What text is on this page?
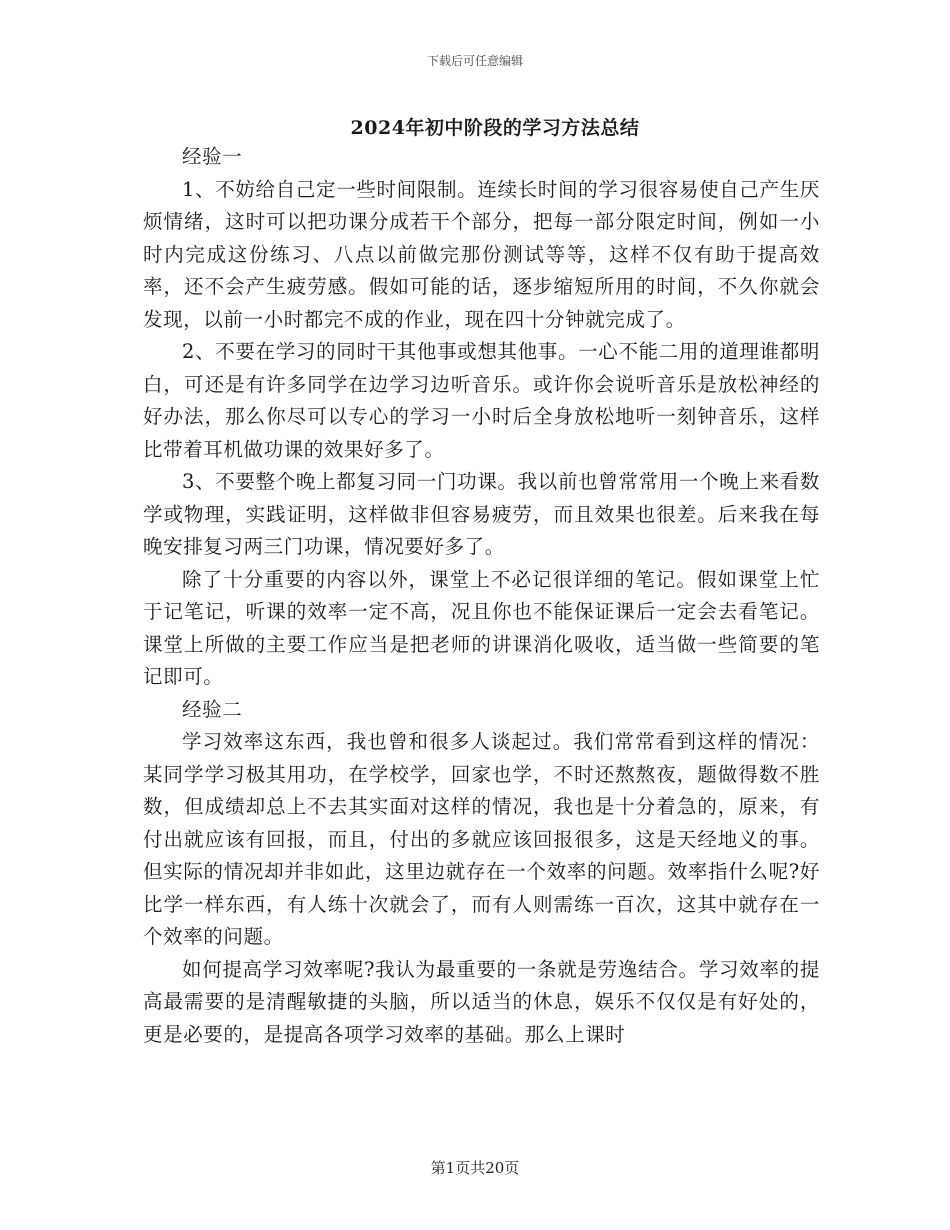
下载后可任意编辑
2024年初中阶段的学习方法总结

经验一

1、不妨给自己定一些时间限制。连续长时间的学习很容易使自己产生厌烦情绪，这时可以把功课分成若干个部分，把每一部分限定时间，例如一小时内完成这份练习、八点以前做完那份测试等等，这样不仅有助于提高效率，还不会产生疲劳感。假如可能的话，逐步缩短所用的时间，不久你就会发现，以前一小时都完不成的作业，现在四十分钟就完成了。

2、不要在学习的同时干其他事或想其他事。一心不能二用的道理谁都明白，可还是有许多同学在边学习边听音乐。或许你会说听音乐是放松神经的好办法，那么你尽可以专心的学习一小时后全身放松地听一刻钟音乐，这样比带着耳机做功课的效果好多了。

3、不要整个晚上都复习同一门功课。我以前也曾常常用一个晚上来看数学或物理，实践证明，这样做非但容易疲劳，而且效果也很差。后来我在每晚安排复习两三门功课，情况要好多了。

除了十分重要的内容以外，课堂上不必记很详细的笔记。假如课堂上忙于记笔记，听课的效率一定不高，况且你也不能保证课后一定会去看笔记。课堂上所做的主要工作应当是把老师的讲课消化吸收，适当做一些简要的笔记即可。

经验二

学习效率这东西，我也曾和很多人谈起过。我们常常看到这样的情况：某同学学习极其用功，在学校学，回家也学，不时还熬熬夜，题做得数不胜数，但成绩却总上不去其实面对这样的情况，我也是十分着急的，原来，有付出就应该有回报，而且，付出的多就应该回报很多，这是天经地义的事。但实际的情况却并非如此，这里边就存在一个效率的问题。效率指什么呢?好比学一样东西，有人练十次就会了，而有人则需练一百次，这其中就存在一个效率的问题。

如何提高学习效率呢?我认为最重要的一条就是劳逸结合。学习效率的提高最需要的是清醒敏捷的头脑，所以适当的休息，娱乐不仅仅是有好处的，更是必要的，是提高各项学习效率的基础。那么上课时

第1页共20页
